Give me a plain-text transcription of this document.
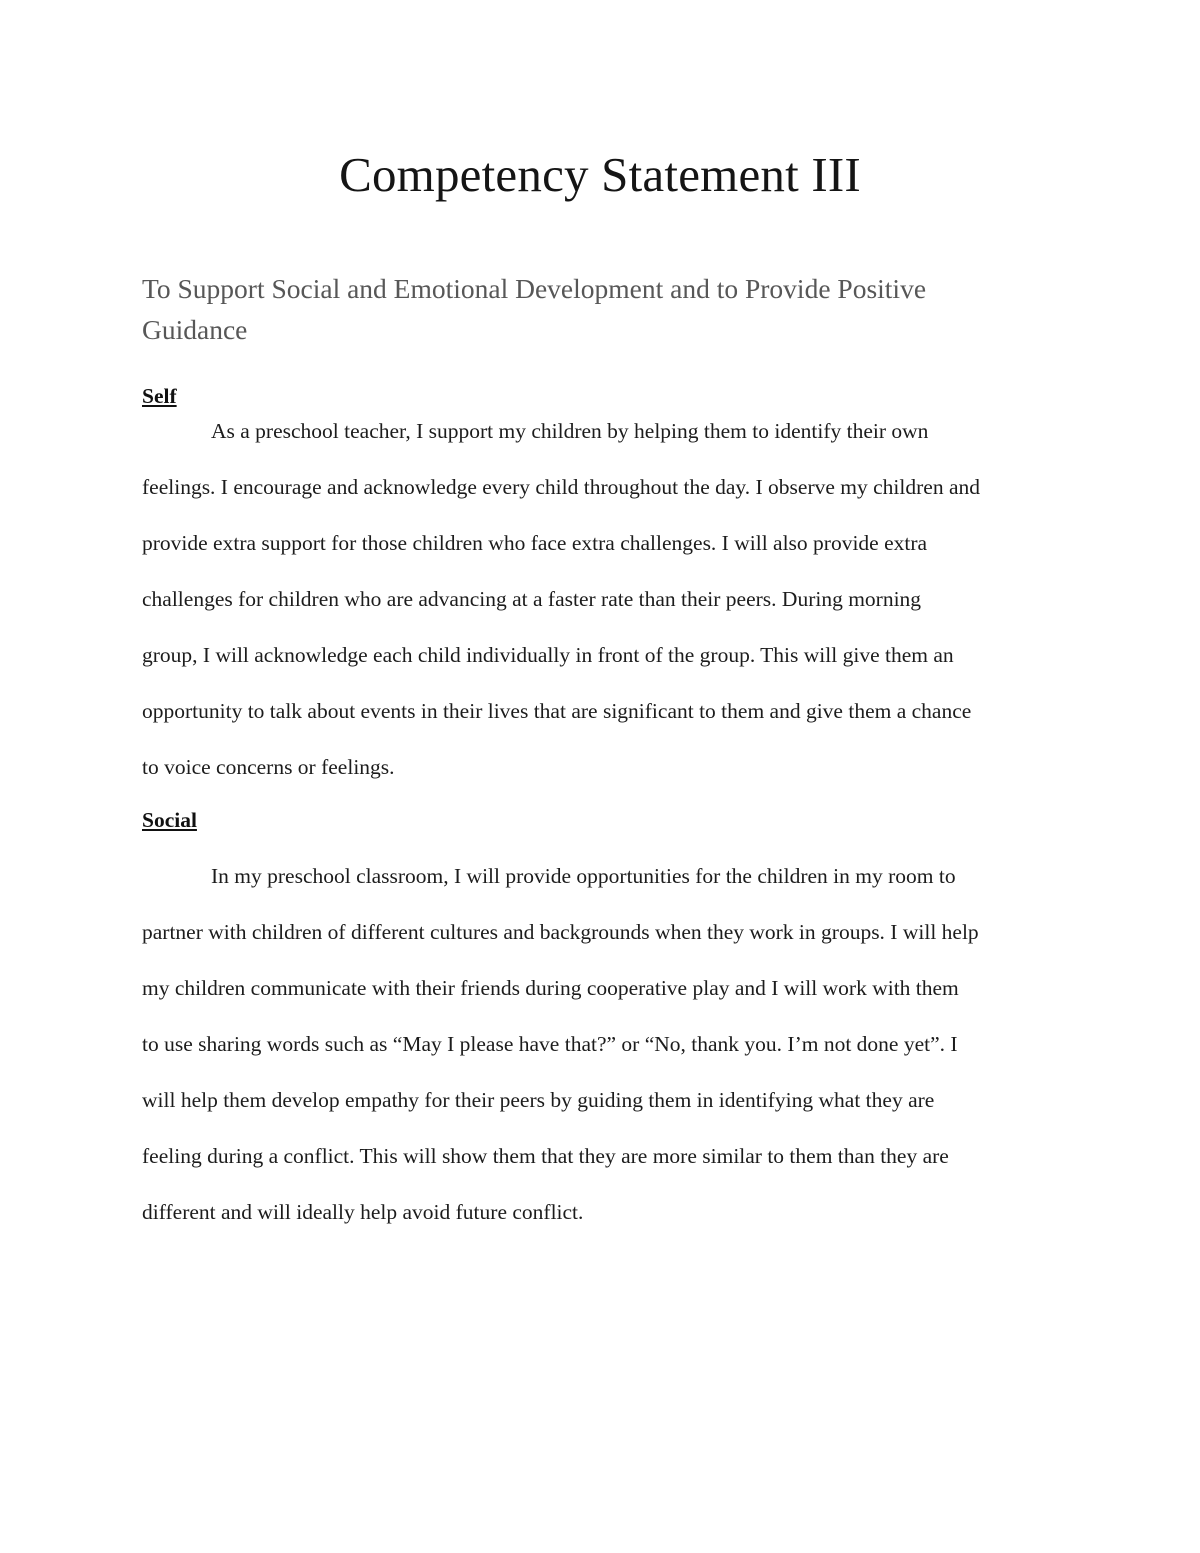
Competency Statement III
To Support Social and Emotional Development and to Provide Positive
Guidance
Self

As a preschool teacher, I support my children by helping them to identify their own
feelings. I encourage and acknowledge every child throughout the day. I observe my children and
provide extra support for those children who face extra challenges. I will also provide extra
challenges for children who are advancing at a faster rate than their peers. During morning
group, I will acknowledge each child individually in front of the group. This will give them an
opportunity to talk about events in their lives that are significant to them and give them a chance
to voice concerns or feelings.

Social

In my preschool classroom, I will provide opportunities for the children in my room to
partner with children of different cultures and backgrounds when they work in groups. I will help
my children communicate with their friends during cooperative play and I will work with them
to use sharing words such as “May I please have that?” or “No, thank you. I’m not done yet”. I
will help them develop empathy for their peers by guiding them in identifying what they are
feeling during a conflict. This will show them that they are more similar to them than they are
different and will ideally help avoid future conflict.
